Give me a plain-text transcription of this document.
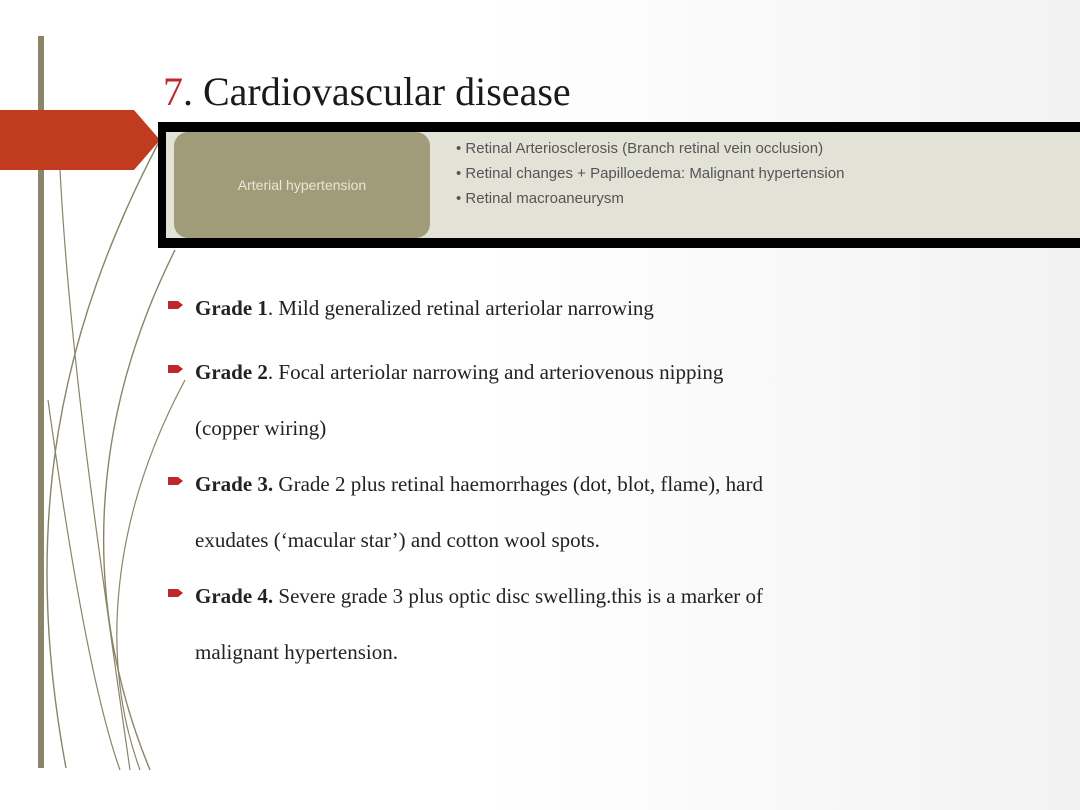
7. Cardiovascular disease
Arterial hypertension
• Retinal Arteriosclerosis (Branch retinal vein occlusion)
• Retinal changes + Papilloedema: Malignant hypertension
• Retinal macroaneurysm
Grade 1. Mild generalized retinal arteriolar narrowing
Grade 2. Focal arteriolar narrowing and arteriovenous nipping
(copper wiring)
Grade 3. Grade 2 plus retinal haemorrhages (dot, blot, flame), hard
exudates (‘macular star’) and cotton wool spots.
Grade 4. Severe grade 3 plus optic disc swelling.this is a marker of
malignant hypertension.
